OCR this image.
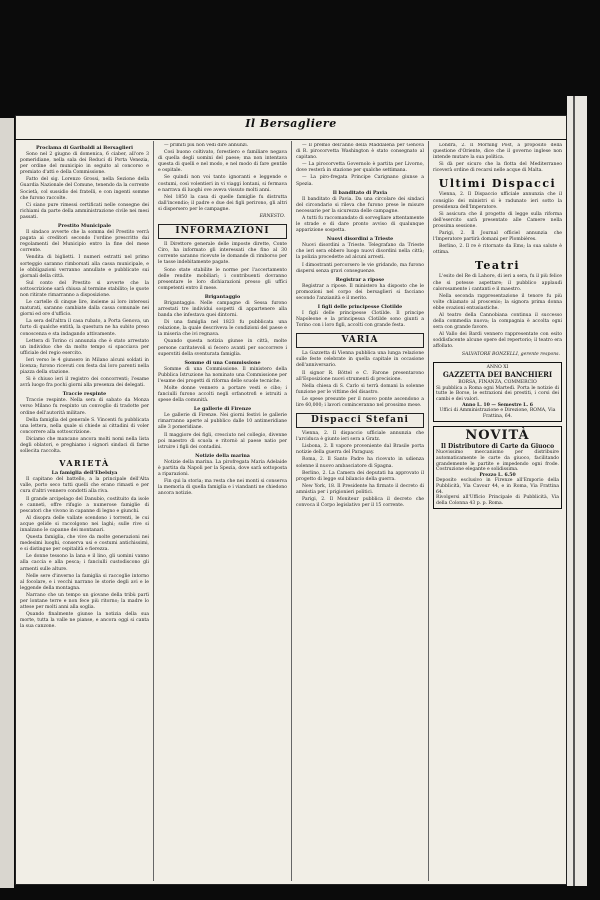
Il Bersagliere
Proclama di Garibaldi ai Bersaglieri

Sono nel 2 giugno di domenica, 6 ciaber, all'ore 3 pomeridiane, nella sala dei Reduci di Porta Venezia, per ordine del municipio in seguito al concorso e premiato d'atti e della Commissione.

Fatto del sig. Lorenzo Grossi, nella Sezione della Guardia Nazionale del Comune, tenendo da la corrente Società, col sussidio dei fratelli, e con ingenti somme che furono raccolte.

Ci siano pure rimessi certificati nelle consegne dei richiami da parte della amministrazione civile nei mesi passati.

Prestito Municipale

Il sindaco avverte che la somma del Prestito verrà pagata ai creditori secondo l'ordine prescritto dai regolamenti del Municipio entro la fine del mese corrente.

Vendita di biglietti. I numeri estratti nel primo sorteggio saranno rimborsati alla cassa municipale, e le obbligazioni verranno annullate e pubblicate sui giornali della città.

Sul conto del Prestito si avverte che la sottoscrizione sarà chiusa al termine stabilito; le quote non ritirate rimarranno a disposizione.

Le cartelle di cinque lire, insieme ai loro interessi maturati, saranno cambiate dalla cassa comunale nei giorni ed ore d'ufficio.

La sera dell'altra il casa rubato, a Porta Genova, un furto di qualche entità, la questura ne ha subito preso conoscenza e sta indagando attivamente.

Lettera di Torino ci annunzia che è stato arrestato un individuo che da molto tempo si spacciava per ufficiale del regio esercito.

Ieri verso le 4 giunsero in Milano alcuni soldati in licenza; furono ricevuti con festa dai loro parenti nella piazza della stazione.

Si è chiuso ieri il registro dei concorrenti; l'esame avrà luogo fra pochi giorni alla presenza dei delegati.

Traccie respinte

Traccie respinte. Nella sera di sabato da Monza verso Milano fu respinto un convoglio di tradotte per ordine dell'autorità militare.

Della famiglia del generale S. Vincenti fu pubblicata una lettera, nella quale si chiede ai cittadini di voler concorrere alla sottoscrizione.

Diciamo che mancano ancora molti nomi nella lista degli oblatori, e preghiamo i signori sindaci di farne sollecita raccolta.

VARIETÀ
La famiglia dell'Ebelsiya

Il capitano del battello, a la principale dell'Alta valle, porto seco tutti quelli che erano rimasti e per cura d'altri vennero condotti alla riva.

Il grande arcipelago del Danubio, costituito da isole e canneti, offre rifugio a numerose famiglie di pescatori che vivono in capanne di legno e giunchi.

Al disopra delle vallate scendono i torrenti, le cui acque gelide si raccolgono nei laghi; sulle rive si innalzano le capanne dei montanari.

Questa famiglia, che vive da molte generazioni nei medesimi luoghi, conserva usi e costumi antichissimi, e si distingue per ospitalità e fierezza.

Le donne tessono la lana e il lino, gli uomini vanno alla caccia e alla pesca; i fanciulli custodiscono gli armenti sulle alture.

Nelle sere d'inverno la famiglia si raccoglie intorno al focolare, e i vecchi narrano le storie degli avi e le leggende della montagna.

Narrano che un tempo un giovane della tribù partì per lontane terre e non fece più ritorno; la madre lo attese per molti anni alla soglia.

Quando finalmente giunse la notizia della sua morte, tutta la valle ne pianse, e ancora oggi si canta la sua canzone.

— primiti più non vedi dire annunzi.

Così buono coltivato, forestiero e familiare negava di quella degli uomini del paese; ma non intentava questa di quelli e nel modo, e nel modo di fare gentile e ospitale.

Se quindi non voi tanto ignoranti e leggende e costumi, così volentieri in vi viaggi lontani, si fermava e narrava di luoghi ove aveva vissuto molti anni.

Nel 1850 la casa di quelle famiglie fu distrutta dall'incendio; il padre e due dei figli perirono, gli altri si dispersero per le campagne.

ERNESTO.
INFORMAZIONI

Il Direttore generale delle imposte dirette, Conte Ciro, ha informato gli interessati che fino al 30 corrente saranno ricevute le domande di rimborso per le tasse indebitamente pagate.

Sono state stabilite le norme per l'accertamento delle rendite mobiliari; i contribuenti dovranno presentare le loro dichiarazioni presso gli uffici competenti entro il mese.

Brigantaggio

Brigantaggio. Nelle campagne di Sessa furono arrestati tre individui sospetti di appartenere alla banda che infestava quei dintorni.

Di una famiglia nel 1823 fu pubblicata una relazione, la quale descriveva le condizioni del paese e la miseria che ivi regnava.

Quando questa notizia giunse in città, molte persone caritatevoli si fecero avanti per soccorrere i superstiti della sventurata famiglia.

Somme di una Commissione

Somme di una Commissione. Il ministero della Pubblica Istruzione ha nominato una Commissione per l'esame dei progetti di riforma delle scuole tecniche.

Molte donne vennero a portare vesti e cibo; i fanciulli furono accolti negli orfanotrofi e istruiti a spese della comunità.

Le gallerie di Firenze

Le gallerie di Firenze. Nei giorni festivi le gallerie rimarranno aperte al pubblico dalle 10 antimeridiane alle 3 pomeridiane.

Il maggiore dei figli, cresciuto nel collegio, divenne poi maestro di scuola e ritornò al paese natio per istruire i figli dei contadini.

Notizie della marina

Notizie della marina. La pirofregata Maria Adelaide è partita da Napoli per la Spezia, dove sarà sottoposta a riparazioni.

Fin qui la storia; ma resta che nei monti si conserva la memoria di quella famiglia e i viandanti ne chiedono ancora notizie.

— Il premio dell'anno della Maddalena per Genova di R. pirocorvetta Washington è stato consegnato al capitano.

— La pirocorvetta Governolo è partita per Livorno, dove resterà in stazione per qualche settimana.

— La piro-fregata Principe Carignano giunse a Spezia.

Il banditato di Pavia

Il banditato di Pavia. Da una circolare dei sindaci del circondario si rileva che furono prese le misure necessarie per la sicurezza delle campagne.

A tutti fu raccomandato di sorvegliare attentamente le strade e di dare pronto avviso di qualunque apparizione sospetta.

Nuovi disordini a Trieste

Nuovi disordini a Trieste. Telegrafano da Trieste che ieri sera ebbero luogo nuovi disordini nella città; la polizia procedette ad alcuni arresti.

I dimostranti percorsero le vie gridando, ma furono dispersi senza gravi conseguenze.

Registrar a ripose

Registrar a ripose. Il ministero ha disposto che le promozioni nel corpo dei bersaglieri si facciano secondo l'anzianità e il merito.

I figli delle principesse Clotilde

I figli delle principesse Clotilde. Il principe Napoleone e la principessa Clotilde sono giunti a Torino con i loro figli, accolti con grande festa.

VARIA

La Gazzetta di Vienna pubblica una lunga relazione sulle feste celebrate in quella capitale in occasione dell'anniversario.

Il signor R. Böttel e C. Farone presentarono all'Esposizione nuovi strumenti di precisione.

Nella chiesa di S. Carlo si terrà domani la solenne funzione per le vittime del disastro.

Le spese presunte per il nuovo ponte ascendono a lire 60,000; i lavori cominceranno nel prossimo mese.

Dispacci Stefani

Vienna, 2. Il dispaccio ufficiale annunzia che l'arciduca è giunto ieri sera a Gratz.

Lisbona, 2. Il vapore proveniente dal Brasile porta notizie della guerra del Paraguay.

Roma, 2. Il Santo Padre ha ricevuto in udienza solenne il nuovo ambasciatore di Spagna.

Berlino, 2. La Camera dei deputati ha approvato il progetto di legge sul bilancio della guerra.

New York, 18. Il Presidente ha firmato il decreto di amnistia per i prigionieri politici.

Parigi, 2. Il Moniteur pubblica il decreto che convoca il Corpo legislativo per il 15 corrente.

Londra, 2. Il Morning Post, a proposito della questione d'Oriente, dice che il governo inglese non intende mutare la sua politica.

Si dà per sicuro che la flotta del Mediterraneo riceverà ordine di recarsi nelle acque di Malta.

Ultimi Dispacci

Vienna, 2. Il Dispaccio ufficiale annunzia che il consiglio dei ministri si è radunato ieri sotto la presidenza dell'Imperatore.

Si assicura che il progetto di legge sulla riforma dell'esercito sarà presentato alle Camere nella prossima sessione.

Parigi, 2. Il Journal officiel annunzia che l'Imperatore partirà domani per Plombières.

Berlino, 2. Il re è ritornato da Ems; la sua salute è ottima.

Teatri

L'esito del Re di Lahore, di ieri a sera, fu il più felice che si potesse aspettare; il pubblico applaudì calorosamente i cantanti e il maestro.

Nella seconda rappresentazione il tenore fu più volte chiamato al proscenio; la signora prima donna ebbe ovazioni entusiastiche.

Al teatro della Cannobiana continua il successo della commedia nuova; la compagnia è accolta ogni sera con grande favore.

Al Vallo dei Bardi vennero rappresentate con esito soddisfacente alcune opere del repertorio; il teatro era affollato.

SALVATORE BONZELLI, gerente respons.
ANNO XI
GAZZETTA DEI BANCHIERI
BORSA, FINANZA, COMMERCIO
Si pubblica a Roma ogni Martedì. Porta le notizie di tutte le Borse, le estrazioni dei prestiti, i corsi dei cambi e dei valori.
Anno L. 10 — Semestre L. 6
Uffici di Amministrazione e Direzione, ROMA, Via Frattina, 64.
NOVITÀ
Il Distributore di Carte da Giuoco
Nuovissimo meccanismo per distribuire automaticamente le carte da giuoco, facilitando grandemente le partite e impedendo ogni frode. Costruzione elegante e solidissima.
Prezzo L. 6.50
Deposito esclusivo in Firenze all'Emporio della Pubblicità, Via Cavour 44, e in Roma, Via Frattina 64.
Rivolgersi all'Ufficio Principale di Pubblicità, Via della Colonna 43 p. p. Roma.
